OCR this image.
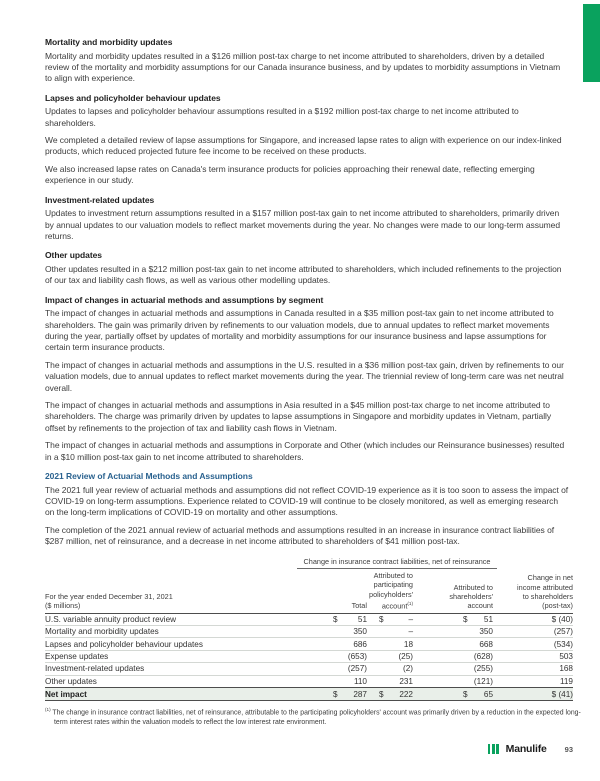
Mortality and morbidity updates

Mortality and morbidity updates resulted in a $126 million post-tax charge to net income attributed to shareholders, driven by a detailed review of the mortality and morbidity assumptions for our Canada insurance business, and by updates to morbidity assumptions in Vietnam to align with experience.

Lapses and policyholder behaviour updates

Updates to lapses and policyholder behaviour assumptions resulted in a $192 million post-tax charge to net income attributed to shareholders.

We completed a detailed review of lapse assumptions for Singapore, and increased lapse rates to align with experience on our index-linked products, which reduced projected future fee income to be received on these products.

We also increased lapse rates on Canada's term insurance products for policies approaching their renewal date, reflecting emerging experience in our study.

Investment-related updates

Updates to investment return assumptions resulted in a $157 million post-tax gain to net income attributed to shareholders, primarily driven by annual updates to our valuation models to reflect market movements during the year. No changes were made to our long-term assumed returns.

Other updates

Other updates resulted in a $212 million post-tax gain to net income attributed to shareholders, which included refinements to the projection of our tax and liability cash flows, as well as various other modelling updates.

Impact of changes in actuarial methods and assumptions by segment

The impact of changes in actuarial methods and assumptions in Canada resulted in a $35 million post-tax gain to net income attributed to shareholders. The gain was primarily driven by refinements to our valuation models, due to annual updates to reflect market movements during the year, partially offset by updates of mortality and morbidity assumptions for our insurance business and lapse assumptions for certain term insurance products.

The impact of changes in actuarial methods and assumptions in the U.S. resulted in a $36 million post-tax gain, driven by refinements to our valuation models, due to annual updates to reflect market movements during the year. The triennial review of long-term care was net neutral overall.

The impact of changes in actuarial methods and assumptions in Asia resulted in a $45 million post-tax charge to net income attributed to shareholders. The charge was primarily driven by updates to lapse assumptions in Singapore and morbidity updates in Vietnam, partially offset by refinements to the projection of tax and liability cash flows in Vietnam.

The impact of changes in actuarial methods and assumptions in Corporate and Other (which includes our Reinsurance businesses) resulted in a $10 million post-tax gain to net income attributed to shareholders.

2021 Review of Actuarial Methods and Assumptions

The 2021 full year review of actuarial methods and assumptions did not reflect COVID-19 experience as it is too soon to assess the impact of COVID-19 on long-term assumptions. Experience related to COVID-19 will continue to be closely monitored, as well as emerging research on the long-term implications of COVID-19 on mortality and other assumptions.

The completion of the 2021 annual review of actuarial methods and assumptions resulted in an increase in insurance contract liabilities of $287 million, net of reinsurance, and a decrease in net income attributed to shareholders of $41 million post-tax.

Change in insurance contract liabilities, net of reinsurance
For the year ended December 31, 2021
($ millions)	Total
Attributed to
participating
policyholders'
account$^{(1)}$
Attributed to
shareholders'
account
Change in net
income attributed
to shareholders
(post-tax)
U.S. variable annuity product review	$ 51 $	–	$ 51	$ (40)
Mortality and morbidity updates	350	–	350	(257)
Lapses and policyholder behaviour updates	686	18	668	(534)
Expense updates	(653)	(25)	(628)	503
Investment-related updates	(257)	(2)	(255)	168
Other updates	110	231	(121)	119
Net impact	$ 287 $ 222	$ 65	$ (41)
$^{(1)}$ The change in insurance contract liabilities, net of reinsurance, attributable to the participating policyholders' account was primarily driven by a reduction in the expected long-term interest rates within the valuation models to reflect the low interest rate environment.
Manulife 93
